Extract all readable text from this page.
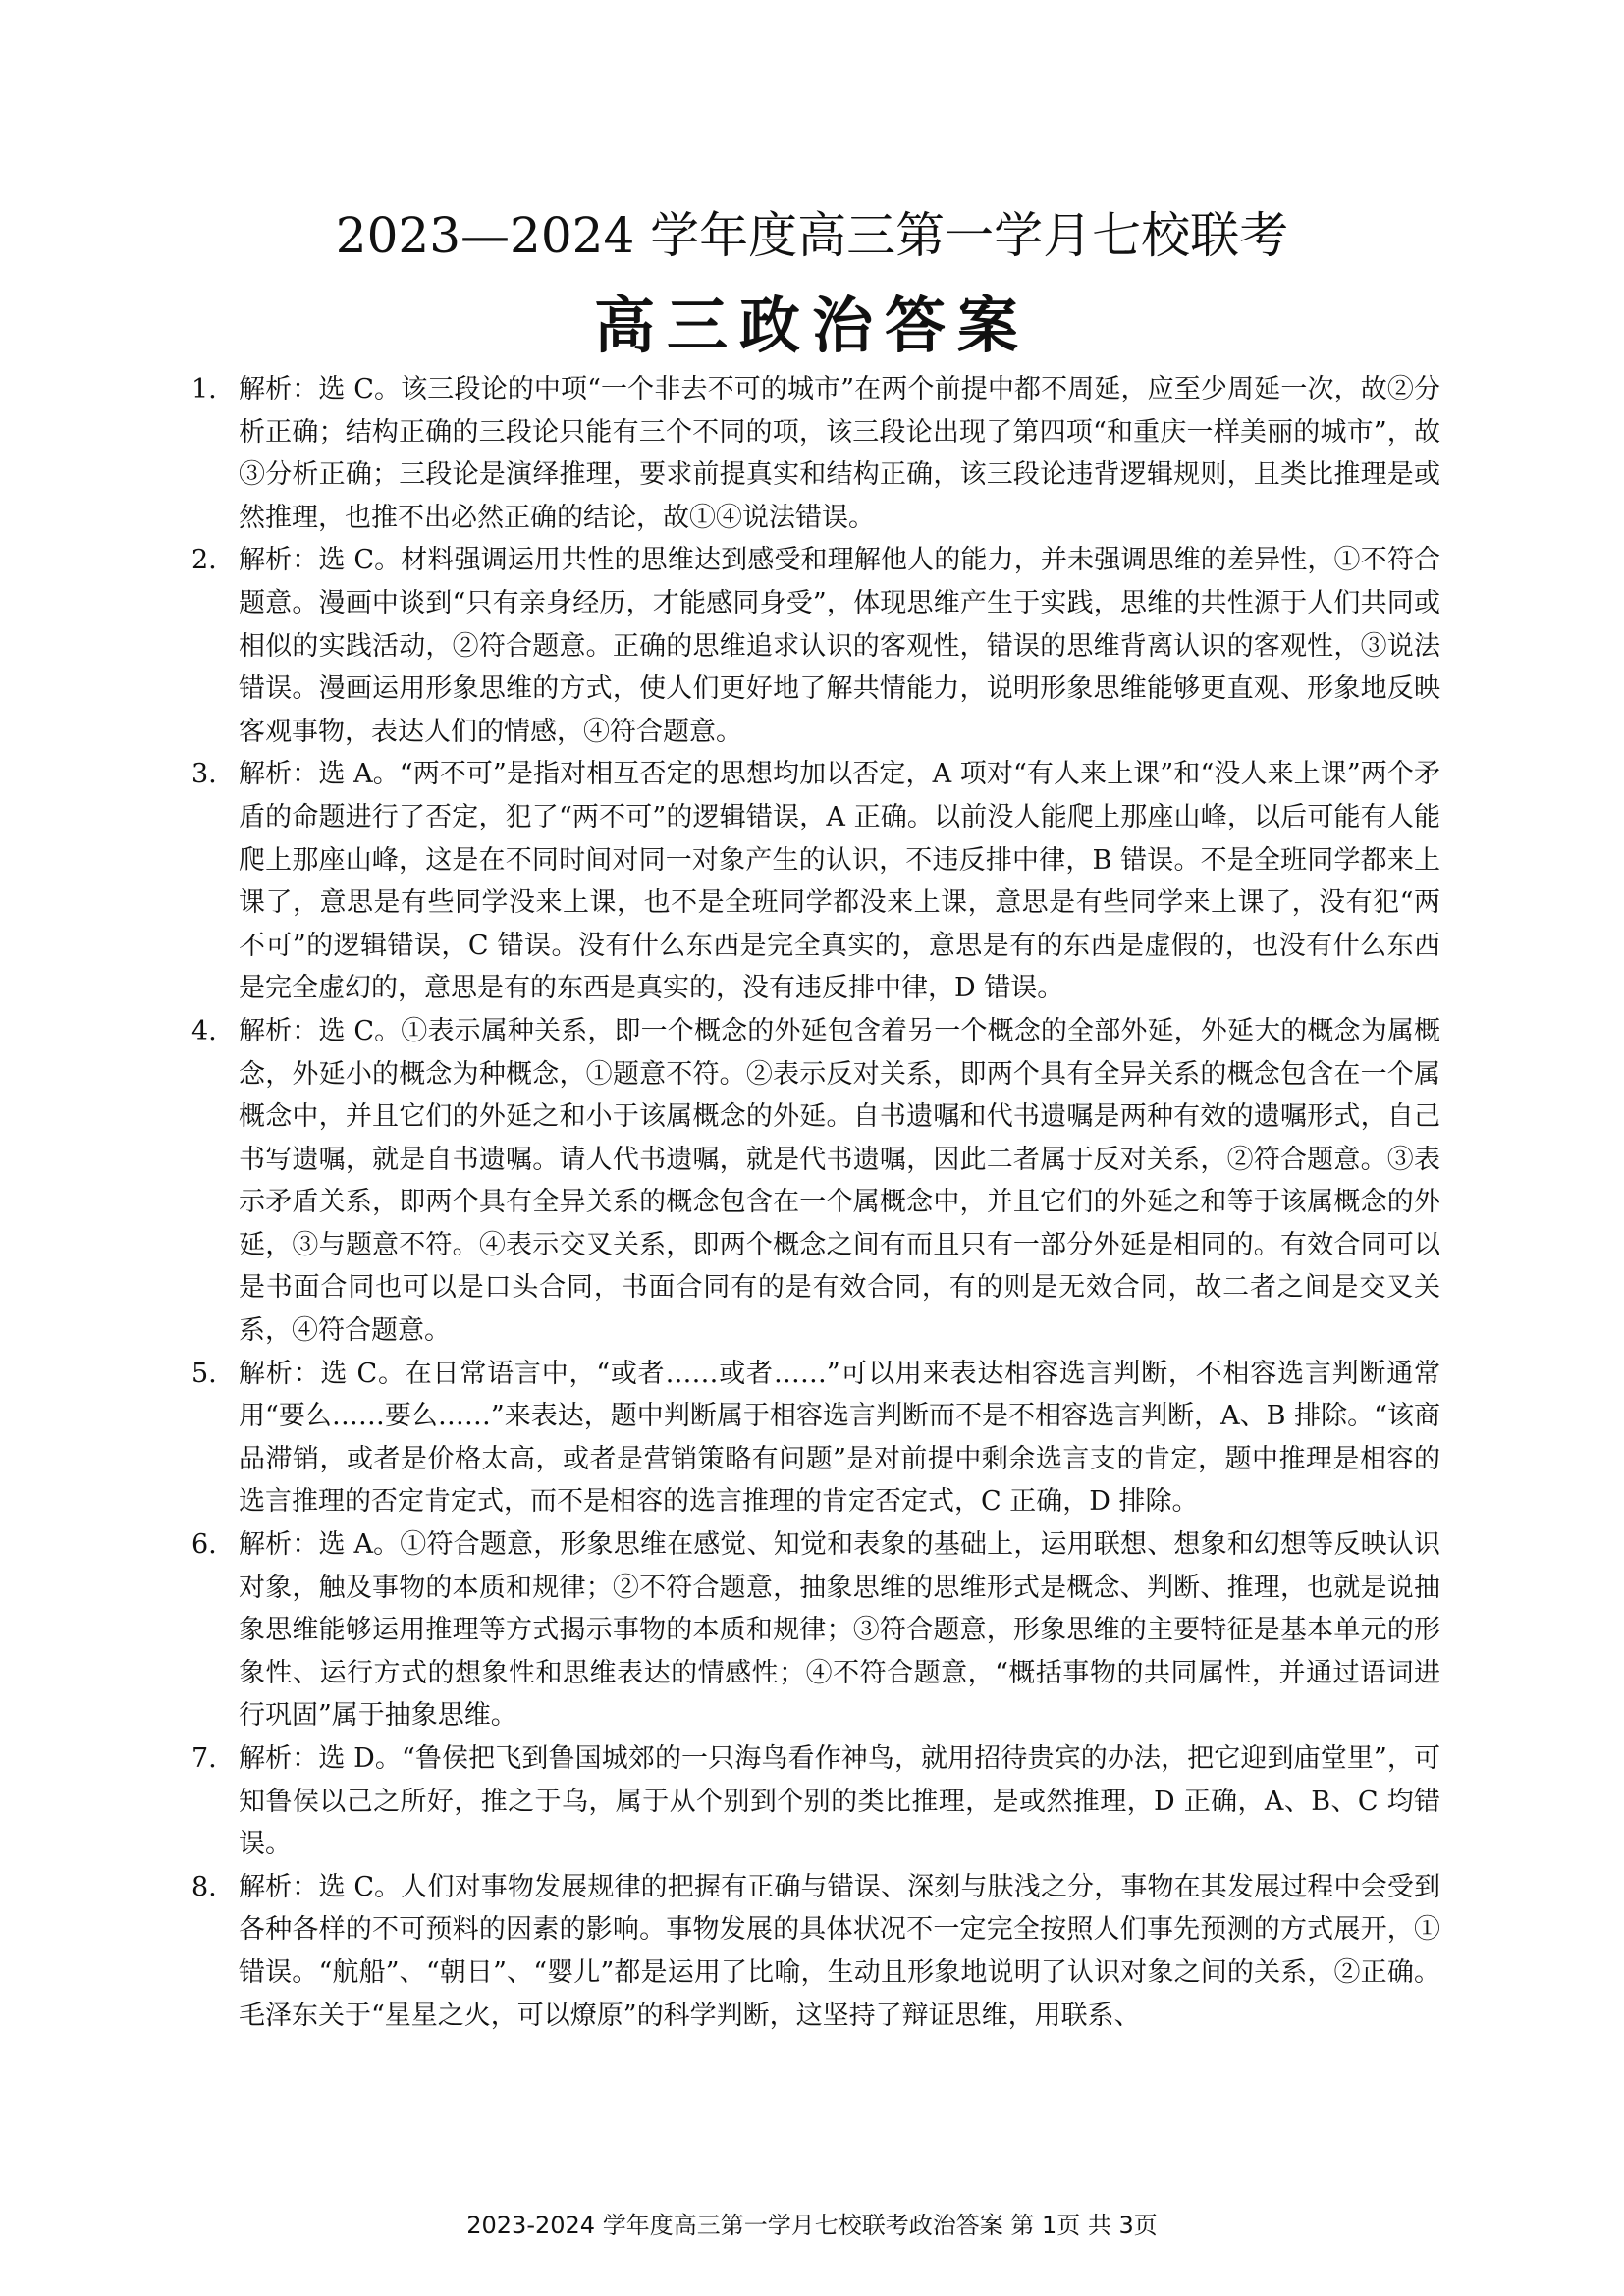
2023—2024 学年度高三第一学月七校联考
高三政治答案
1. 解析：选 C。该三段论的中项“一个非去不可的城市”在两个前提中都不周延，应至少周延一次，故②分析正确；结构正确的三段论只能有三个不同的项，该三段论出现了第四项“和重庆一样美丽的城市”，故③分析正确；三段论是演绎推理，要求前提真实和结构正确，该三段论违背逻辑规则，且类比推理是或然推理，也推不出必然正确的结论，故①④说法错误。
2. 解析：选 C。材料强调运用共性的思维达到感受和理解他人的能力，并未强调思维的差异性，①不符合题意。漫画中谈到“只有亲身经历，才能感同身受”，体现思维产生于实践，思维的共性源于人们共同或相似的实践活动，②符合题意。正确的思维追求认识的客观性，错误的思维背离认识的客观性，③说法错误。漫画运用形象思维的方式，使人们更好地了解共情能力，说明形象思维能够更直观、形象地反映客观事物，表达人们的情感，④符合题意。
3. 解析：选 A。“两不可”是指对相互否定的思想均加以否定，A 项对“有人来上课”和“没人来上课”两个矛盾的命题进行了否定，犯了“两不可”的逻辑错误，A 正确。以前没人能爬上那座山峰，以后可能有人能爬上那座山峰，这是在不同时间对同一对象产生的认识，不违反排中律，B 错误。不是全班同学都来上课了，意思是有些同学没来上课，也不是全班同学都没来上课，意思是有些同学来上课了，没有犯“两不可”的逻辑错误，C 错误。没有什么东西是完全真实的，意思是有的东西是虚假的，也没有什么东西是完全虚幻的，意思是有的东西是真实的，没有违反排中律，D 错误。
4. 解析：选 C。①表示属种关系，即一个概念的外延包含着另一个概念的全部外延，外延大的概念为属概念，外延小的概念为种概念，①题意不符。②表示反对关系，即两个具有全异关系的概念包含在一个属概念中，并且它们的外延之和小于该属概念的外延。自书遗嘱和代书遗嘱是两种有效的遗嘱形式，自己书写遗嘱，就是自书遗嘱。请人代书遗嘱，就是代书遗嘱，因此二者属于反对关系，②符合题意。③表示矛盾关系，即两个具有全异关系的概念包含在一个属概念中，并且它们的外延之和等于该属概念的外延，③与题意不符。④表示交叉关系，即两个概念之间有而且只有一部分外延是相同的。有效合同可以是书面合同也可以是口头合同，书面合同有的是有效合同，有的则是无效合同，故二者之间是交叉关系，④符合题意。
5. 解析：选 C。在日常语言中，“或者……或者……”可以用来表达相容选言判断，不相容选言判断通常用“要么……要么……”来表达，题中判断属于相容选言判断而不是不相容选言判断，A、B 排除。“该商品滞销，或者是价格太高，或者是营销策略有问题”是对前提中剩余选言支的肯定，题中推理是相容的选言推理的否定肯定式，而不是相容的选言推理的肯定否定式，C 正确，D 排除。
6. 解析：选 A。①符合题意，形象思维在感觉、知觉和表象的基础上，运用联想、想象和幻想等反映认识对象，触及事物的本质和规律；②不符合题意，抽象思维的思维形式是概念、判断、推理，也就是说抽象思维能够运用推理等方式揭示事物的本质和规律；③符合题意，形象思维的主要特征是基本单元的形象性、运行方式的想象性和思维表达的情感性；④不符合题意，“概括事物的共同属性，并通过语词进行巩固”属于抽象思维。
7. 解析：选 D。“鲁侯把飞到鲁国城郊的一只海鸟看作神鸟，就用招待贵宾的办法，把它迎到庙堂里”，可知鲁侯以己之所好，推之于乌，属于从个别到个别的类比推理，是或然推理，D 正确，A、B、C 均错误。
8. 解析：选 C。人们对事物发展规律的把握有正确与错误、深刻与肤浅之分，事物在其发展过程中会受到各种各样的不可预料的因素的影响。事物发展的具体状况不一定完全按照人们事先预测的方式展开，①错误。“航船”、“朝日”、“婴儿”都是运用了比喻，生动且形象地说明了认识对象之间的关系，②正确。毛泽东关于“星星之火，可以燎原”的科学判断，这坚持了辩证思维，用联系、
2023-2024 学年度高三第一学月七校联考政治答案 第 1页 共 3页
